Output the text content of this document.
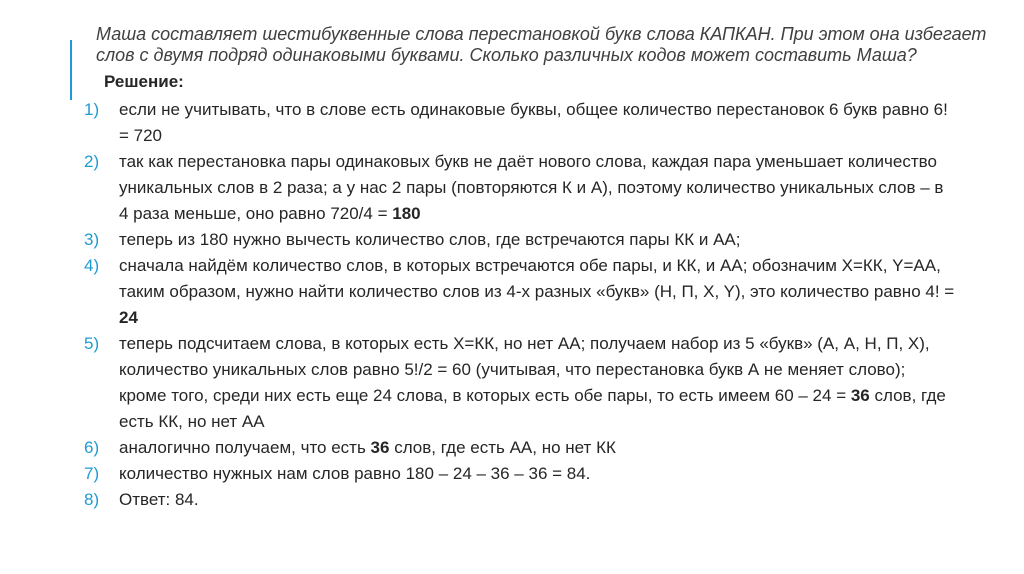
Маша составляет шестибуквенные слова перестановкой букв слова КАПКАН. При этом она избегает
слов с двумя подряд одинаковыми буквами. Сколько различных кодов может составить Маша?
Решение:
1) если не учитывать, что в слове есть одинаковые буквы, общее количество перестановок 6 букв равно 6!
= 720
2) так как перестановка пары одинаковых букв не даёт нового слова, каждая пара уменьшает количество
уникальных слов в 2 раза; а у нас 2 пары (повторяются К и А), поэтому количество уникальных слов – в
4 раза меньше, оно равно 720/4 = 180
3) теперь из 180 нужно вычесть количество слов, где встречаются пары КК и АА;
4) сначала найдём количество слов, в которых встречаются обе пары, и КК, и АА; обозначим X=КК, Y=АА,
таким образом, нужно найти количество слов из 4-х разных «букв» (Н, П, X, Y), это количество равно 4! =
24
5) теперь подсчитаем слова, в которых есть X=КК, но нет АА; получаем набор из 5 «букв» (А, А, Н, П, X),
количество уникальных слов равно 5!/2 = 60 (учитывая, что перестановка букв А не меняет слово);
кроме того, среди них есть еще 24 слова, в которых есть обе пары, то есть имеем 60 – 24 = 36 слов, где
есть КК, но нет АА
6) аналогично получаем, что есть 36 слов, где есть АА, но нет КК
7) количество нужных нам слов равно 180 – 24 – 36 – 36 = 84.
8) Ответ: 84.
